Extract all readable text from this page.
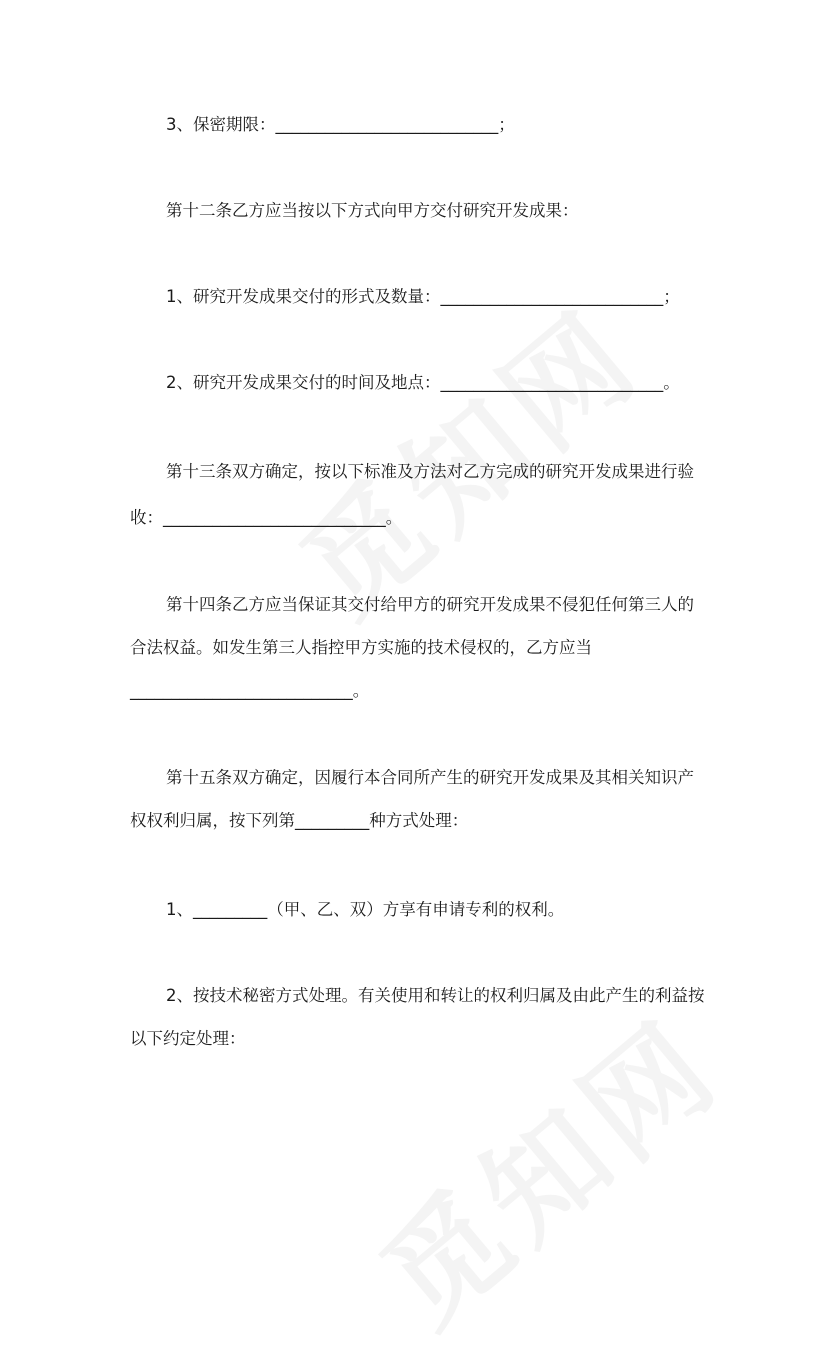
3、保密期限：___________________________；

第十二条乙方应当按以下方式向甲方交付研究开发成果：

1、研究开发成果交付的形式及数量：___________________________；

2、研究开发成果交付的时间及地点：___________________________。

第十三条双方确定，按以下标准及方法对乙方完成的研究开发成果进行验

收：___________________________。

第十四条乙方应当保证其交付给甲方的研究开发成果不侵犯任何第三人的

合法权益。如发生第三人指控甲方实施的技术侵权的，乙方应当

___________________________。

第十五条双方确定，因履行本合同所产生的研究开发成果及其相关知识产

权权利归属，按下列第_________种方式处理：

1、_________（甲、乙、双）方享有申请专利的权利。

2、按技术秘密方式处理。有关使用和转让的权利归属及由此产生的利益按

以下约定处理：
